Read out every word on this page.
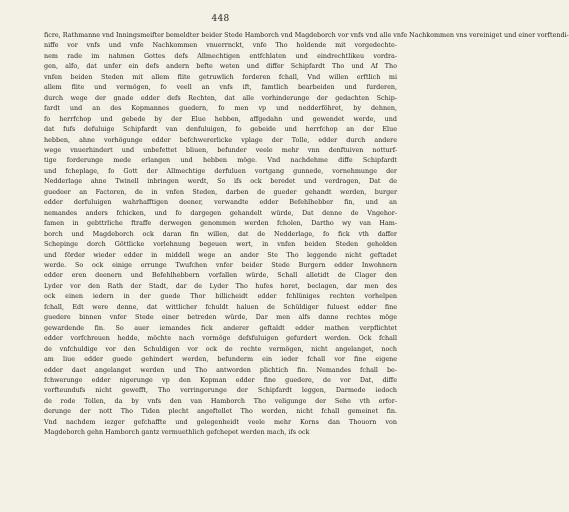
448
ficre, Rathmanne vnd Inningsmeifter bemeldter beider Stede Hamborch vnd Magdeborch vor vnfs vnd alle vnfe Nachkommen vns vereiniget und einer vorftendi-
niffe vor vnfs und vnfe Nachkommen vnuerrnckt, vnfe Tho holdende mit vorgedechte-
nem rade im nahmen Gottes defs Allmechtigen entfchlaten und eindrechtlikeu vordra-
gen, alfo, dat unfer ein defs andern befte weten und differ Schipfardt Tho und Af Tho
vnfen beiden Steden mit allem flite getruwlich forderen fchall, Vnd willen erftlich mi
allem flite und vermögen, fo veell an vnfs ift, famtlich bearbeiden und furderen,
durch wege der gnade edder defs Rechten, dat alle vorhinderunge der gedachten Schip-
fardt und an des Kopmannes guedern, fo men vp und nedderföhret, by dehnen,
fo herrfchop und gebede by der Elue hebben, affgedahn und gewendet werde, und
dat fufs defuluige Schipfardt van denfuluigen, fo gebeide und herrfchop an der Elue
hebben, ahne vorhögunge edder befchwererlicke vplage der Tolle, edder durch andere
wege vnuerhindert und unbefettet bliuen, befunder veele mehr vnn denftuiven notturf-
tige forderunge mede erlangen und hebben möge. Vnd nachdehme diffe Schipfardt
und fcheplage, fo Gott der Allmechtige derfuluen vortgang gunnede, vornehmunge der
Nedderlage ahne Twinell inbringen werdt, So ifs ock beredet und verdragen, Dat de
guedeer an Factoren, de in vnfen Steden, darben de gueder gehandt werden, burger
edder derfuluigen wahrhafftigen deener, verwandte edder Befehlhebber fin, und an
nemandes anders fchicken, und fo dargegen gehandelt würde, Dat denne de Vngehor-
famen in gebttrliche ftraffe derwegen genommen werden fcholen, Dartho wy van Ham-
borch und Magdeborch ock daran fin willen, dat de Nedderlage, fo fick vth daffer
Schepinge dorch Göttlicke vorlehnung begeuen wert, in vnfen beiden Steden geholden
und förder wieder edder in middell wege an ander Ste Tho leggende nicht geftadet
werde. So ock einige errunge Twufchen vnfer beider Stede Burgern edder Inwohnern
edder eren deenern und Befehlhebbern vorfallen würde, Schall alletidt de Clager den
Lyder vor den Rath der Stadt, dar de Lyder Tho hufes horet, beclagen, dar men des
ock einen iedern in der guede Thor billicheidt edder fchlüniges rechten vorhelpen
fchall, Edt were denne, dat wittlicher fchuldt haluen de Schüldiger fuluest edder fine
guedere binnen vnfer Stede einer betreden würde, Dar men alfs danne rechtes möge
gewardende fin. So auer iemandes fick anderer geftaldt edder mathen verpflichtet
edder vorfchreuen hedde, möchte nach vormöge defsfuluigen gefurdert werden. Ock fchall
de vnfchuldige vor den Schuldigen vor ock de rechte vermögen, nicht angelanget, noch
am liue edder guede gehindert werden, befunderm ein ieder fchall vor fine eigene
edder daet angelanget werden und Tho antworden plichtich fin. Nemandes fchall be-
fchwerunge edder nigerunge vp den Kopman edder fine guedere, de vor Dat, diffe
vorfteundufs nicht gewefft, Tho verringerunge der Schipfardt leggen, Darmede iedoch
de rode Tollen, da by vnfs den van Hamborch Tho veligunge der Sehe vth erfor-
derunge der nott Tho Tiden plecht angeftellet Tho werden, nicht fchall gemeinet fin.
Vnd nachdem iezger gefchaffte und gelegenheidt veele mehr Korns dan Thouorn von
Magdeborch gehn Hamborch gantz vermuethlich gefchepet werden mach, ifs ock
